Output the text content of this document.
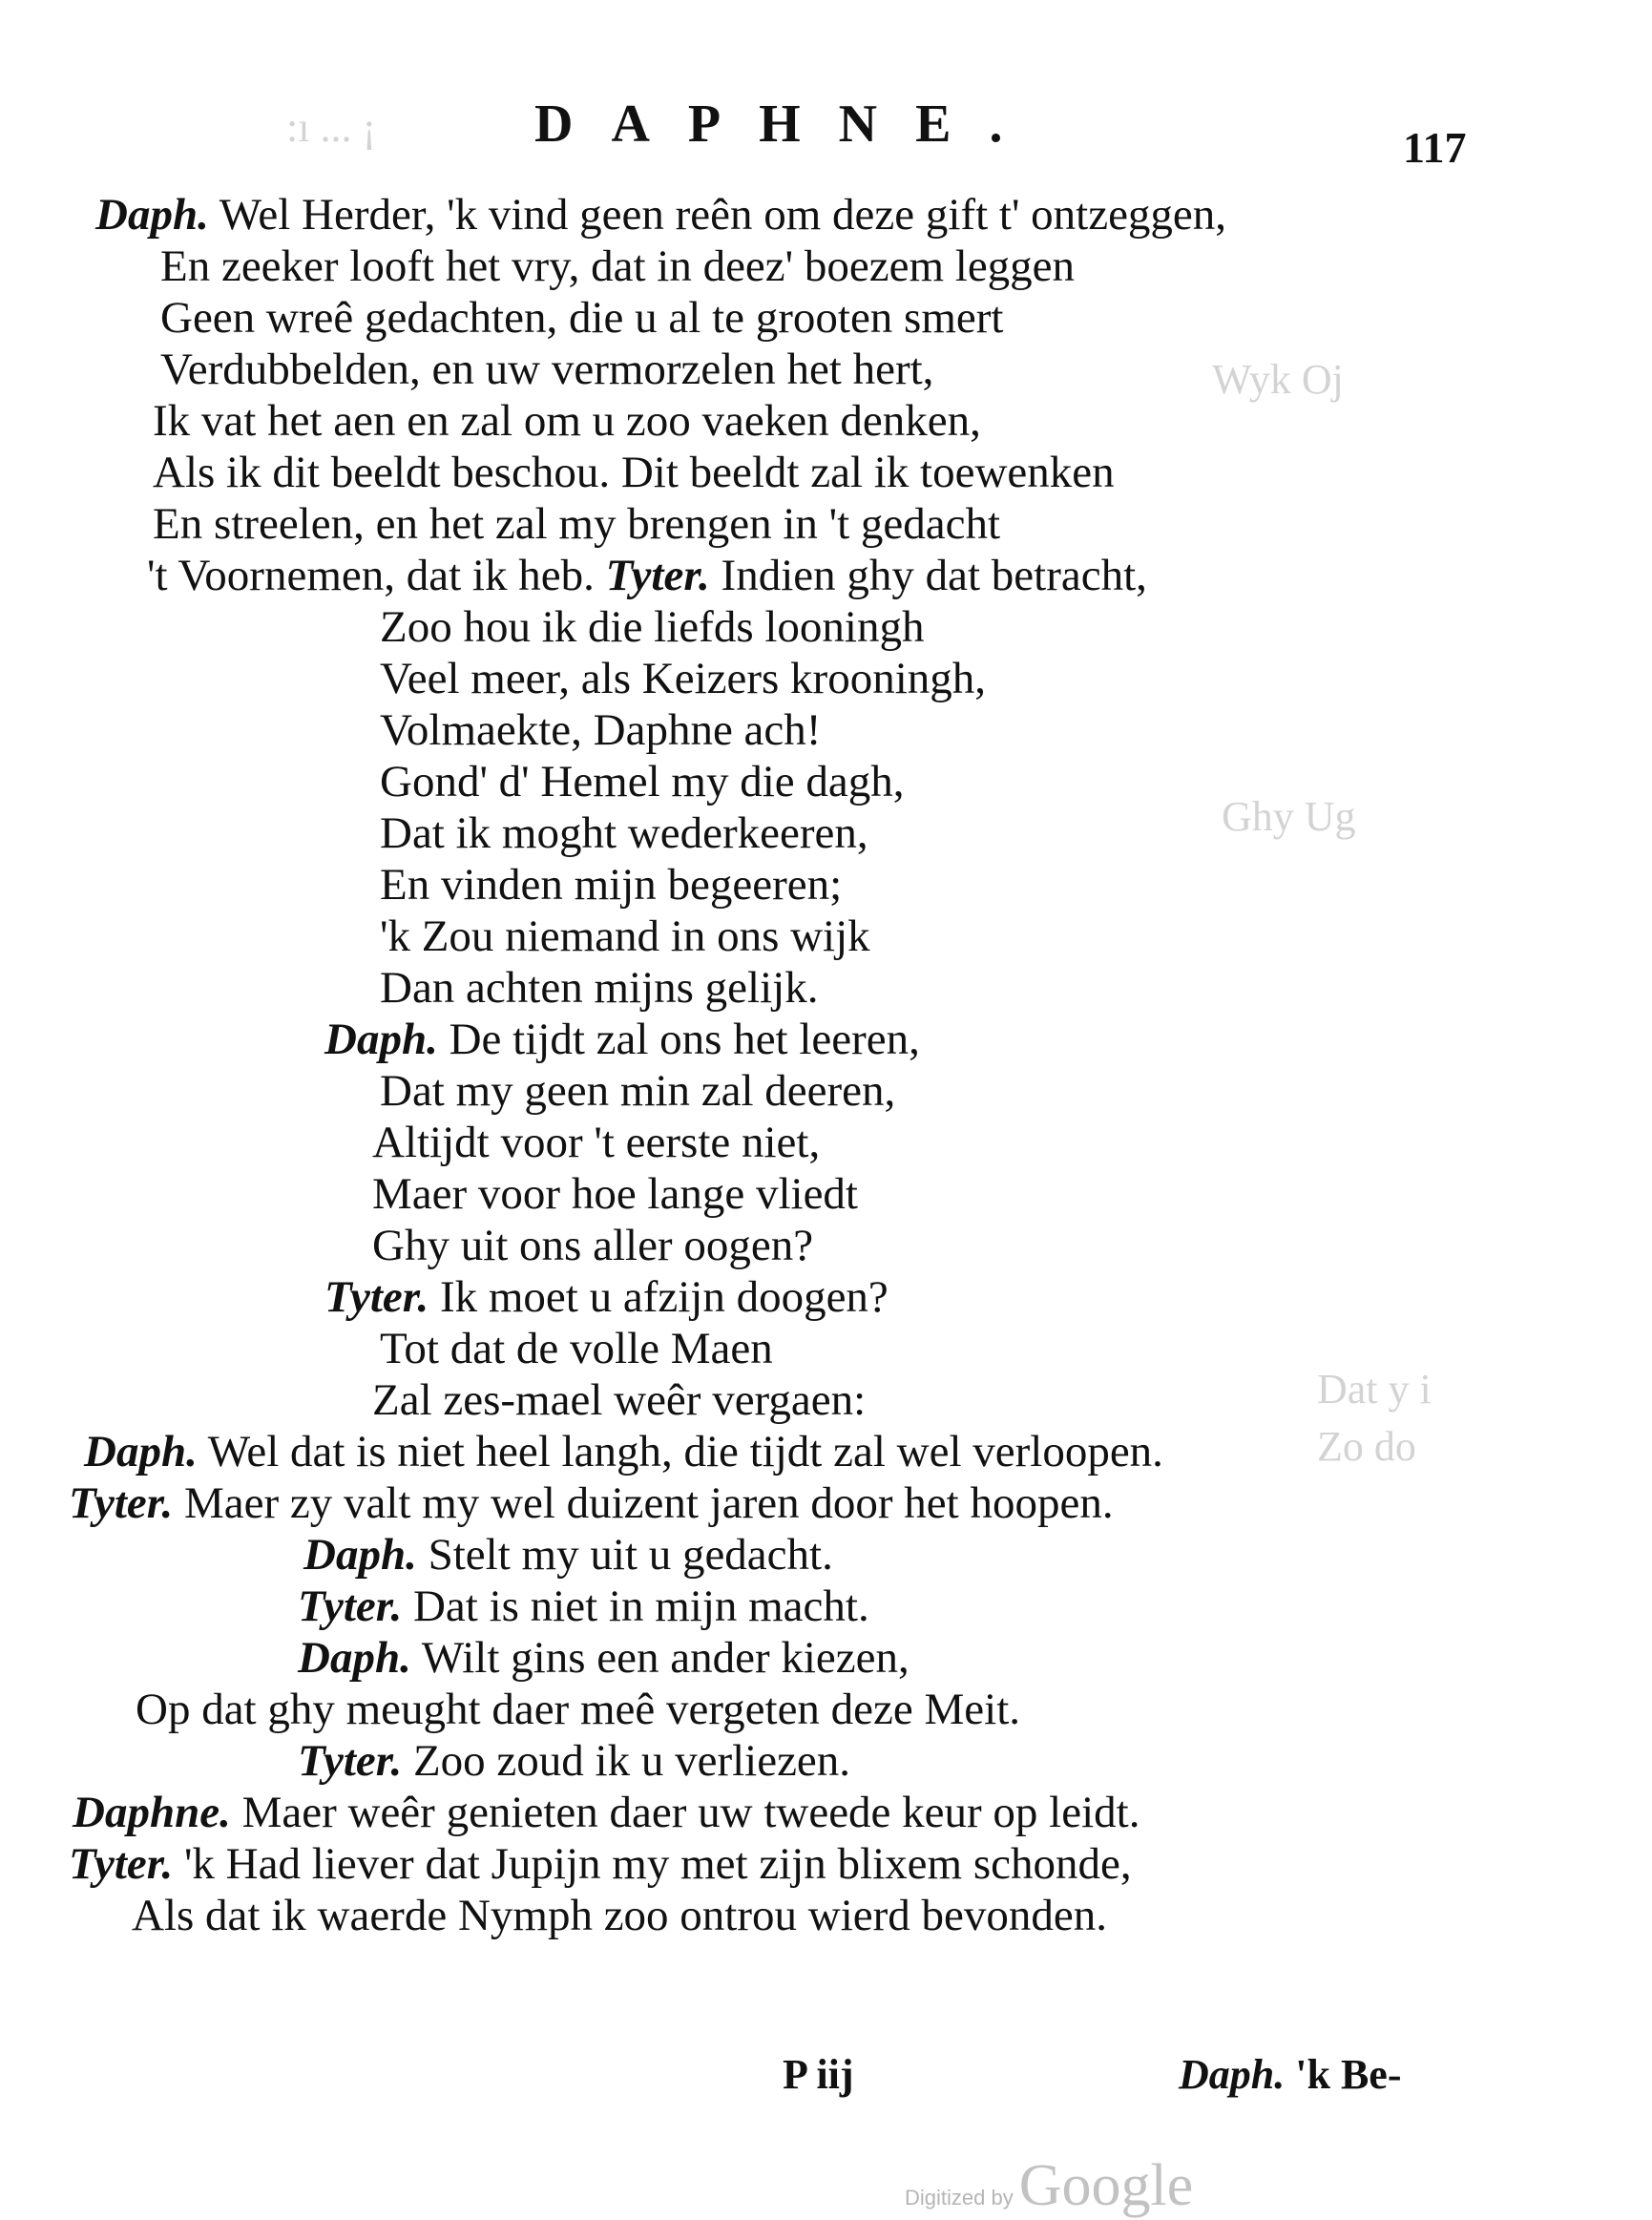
DAPHNE.	117
:ı ... ¡
Wyk Oj
Ghy Ug
Dat y i
Zo do
Daph. Wel Herder, 'k vind geen reên om deze gift t' ontzeggen,
En zeeker looft het vry, dat in deez' boezem leggen
Geen wreê gedachten, die u al te grooten smert
Verdubbelden, en uw vermorzelen het hert,
Ik vat het aen en zal om u zoo vaeken denken,
Als ik dit beeldt beschou. Dit beeldt zal ik toewenken
En streelen, en het zal my brengen in 't gedacht
't Voornemen, dat ik heb. Tyter. Indien ghy dat betracht,
Zoo hou ik die liefds looningh
Veel meer, als Keizers krooningh,
Volmaekte, Daphne ach!
Gond' d' Hemel my die dagh,
Dat ik moght wederkeeren,
En vinden mijn begeeren;
'k Zou niemand in ons wijk
Dan achten mijns gelijk.
Daph. De tijdt zal ons het leeren,
Dat my geen min zal deeren,
Altijdt voor 't eerste niet,
Maer voor hoe lange vliedt
Ghy uit ons aller oogen?
Tyter. Ik moet u afzijn doogen?
Tot dat de volle Maen
Zal zes-mael weêr vergaen:
Daph. Wel dat is niet heel langh, die tijdt zal wel verloopen.
Tyter. Maer zy valt my wel duizent jaren door het hoopen.
Daph. Stelt my uit u gedacht.
Tyter. Dat is niet in mijn macht.
Daph. Wilt gins een ander kiezen,
Op dat ghy meught daer meê vergeten deze Meit.
Tyter. Zoo zoud ik u verliezen.
Daphne. Maer weêr genieten daer uw tweede keur op leidt.
Tyter. 'k Had liever dat Jupijn my met zijn blixem schonde,
Als dat ik waerde Nymph zoo ontrou wierd bevonden.
P iij	Daph. 'k Be-
Digitized by Google
